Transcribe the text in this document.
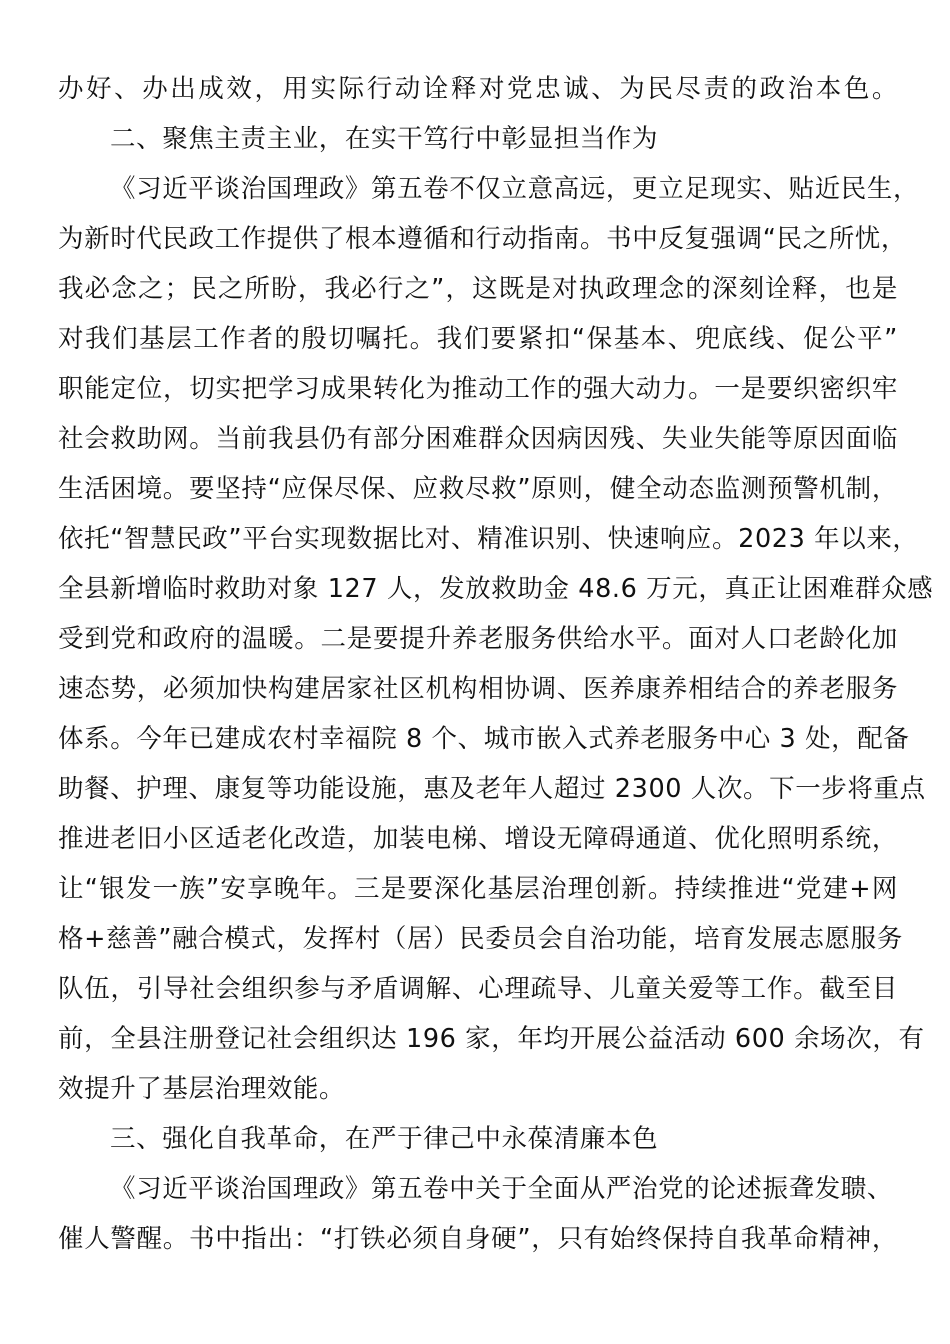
办好、办出成效，用实际行动诠释对党忠诚、为民尽责的政治本色。

二、聚焦主责主业，在实干笃行中彰显担当作为

《习近平谈治国理政》第五卷不仅立意高远，更立足现实、贴近民生，

为新时代民政工作提供了根本遵循和行动指南。书中反复强调“民之所忧，

我必念之；民之所盼，我必行之”，这既是对执政理念的深刻诠释，也是

对我们基层工作者的殷切嘱托。我们要紧扣“保基本、兜底线、促公平”

职能定位，切实把学习成果转化为推动工作的强大动力。一是要织密织牢

社会救助网。当前我县仍有部分困难群众因病因残、失业失能等原因面临

生活困境。要坚持“应保尽保、应救尽救”原则，健全动态监测预警机制，

依托“智慧民政”平台实现数据比对、精准识别、快速响应。2023 年以来，

全县新增临时救助对象 127 人，发放救助金 48.6 万元，真正让困难群众感

受到党和政府的温暖。二是要提升养老服务供给水平。面对人口老龄化加

速态势，必须加快构建居家社区机构相协调、医养康养相结合的养老服务

体系。今年已建成农村幸福院 8 个、城市嵌入式养老服务中心 3 处，配备

助餐、护理、康复等功能设施，惠及老年人超过 2300 人次。下一步将重点

推进老旧小区适老化改造，加装电梯、增设无障碍通道、优化照明系统，

让“银发一族”安享晚年。三是要深化基层治理创新。持续推进“党建+网

格+慈善”融合模式，发挥村（居）民委员会自治功能，培育发展志愿服务

队伍，引导社会组织参与矛盾调解、心理疏导、儿童关爱等工作。截至目

前，全县注册登记社会组织达 196 家，年均开展公益活动 600 余场次，有

效提升了基层治理效能。

三、强化自我革命，在严于律己中永葆清廉本色

《习近平谈治国理政》第五卷中关于全面从严治党的论述振聋发聩、

催人警醒。书中指出：“打铁必须自身硬”，只有始终保持自我革命精神，
